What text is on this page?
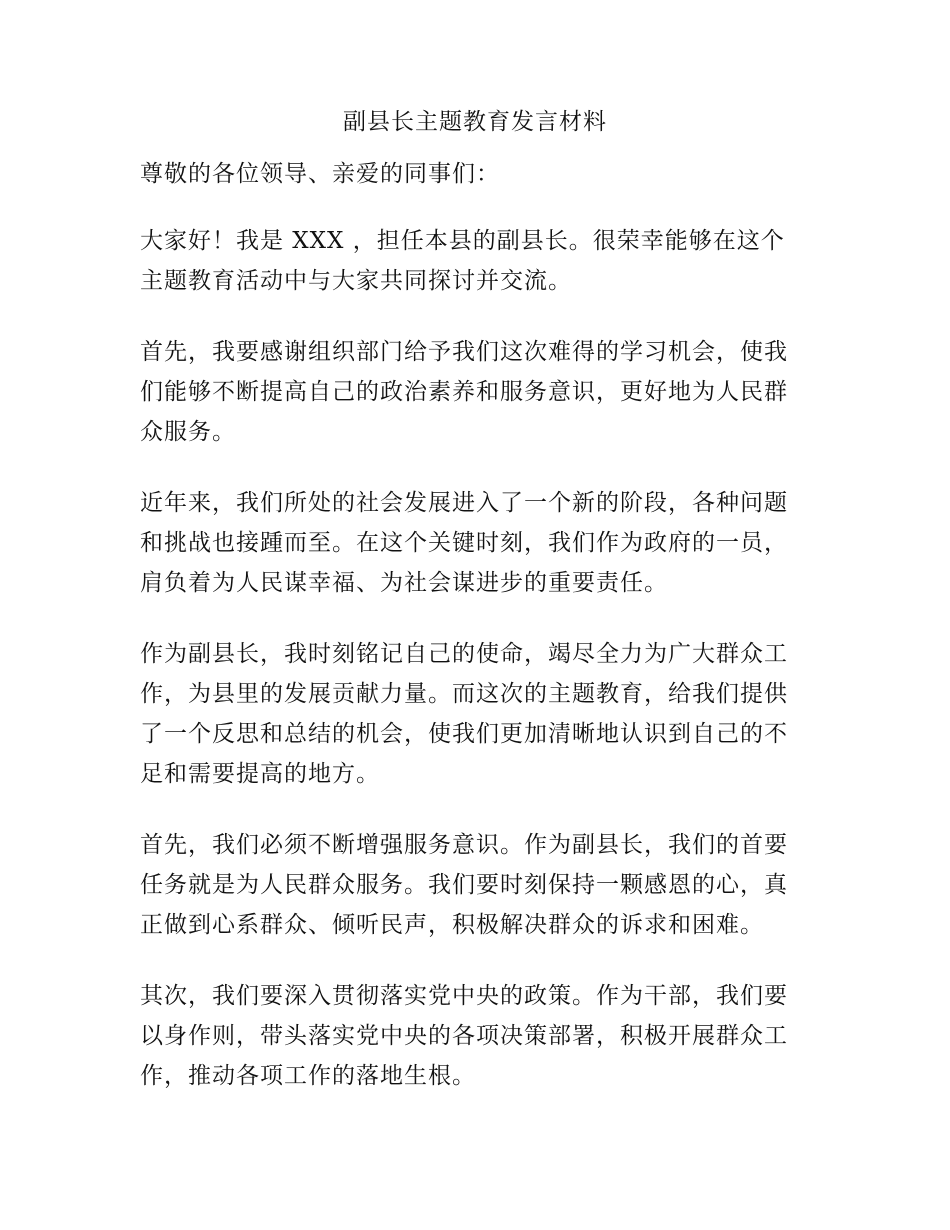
副县长主题教育发言材料

尊敬的各位领导、亲爱的同事们：

大家好！我是 XXX ，担任本县的副县长。很荣幸能够在这个
主题教育活动中与大家共同探讨并交流。

首先，我要感谢组织部门给予我们这次难得的学习机会，使我
们能够不断提高自己的政治素养和服务意识，更好地为人民群
众服务。

近年来，我们所处的社会发展进入了一个新的阶段，各种问题
和挑战也接踵而至。在这个关键时刻，我们作为政府的一员，
肩负着为人民谋幸福、为社会谋进步的重要责任。

作为副县长，我时刻铭记自己的使命，竭尽全力为广大群众工
作，为县里的发展贡献力量。而这次的主题教育，给我们提供
了一个反思和总结的机会，使我们更加清晰地认识到自己的不
足和需要提高的地方。

首先，我们必须不断增强服务意识。作为副县长，我们的首要
任务就是为人民群众服务。我们要时刻保持一颗感恩的心，真
正做到心系群众、倾听民声，积极解决群众的诉求和困难。

其次，我们要深入贯彻落实党中央的政策。作为干部，我们要
以身作则，带头落实党中央的各项决策部署，积极开展群众工
作，推动各项工作的落地生根。
